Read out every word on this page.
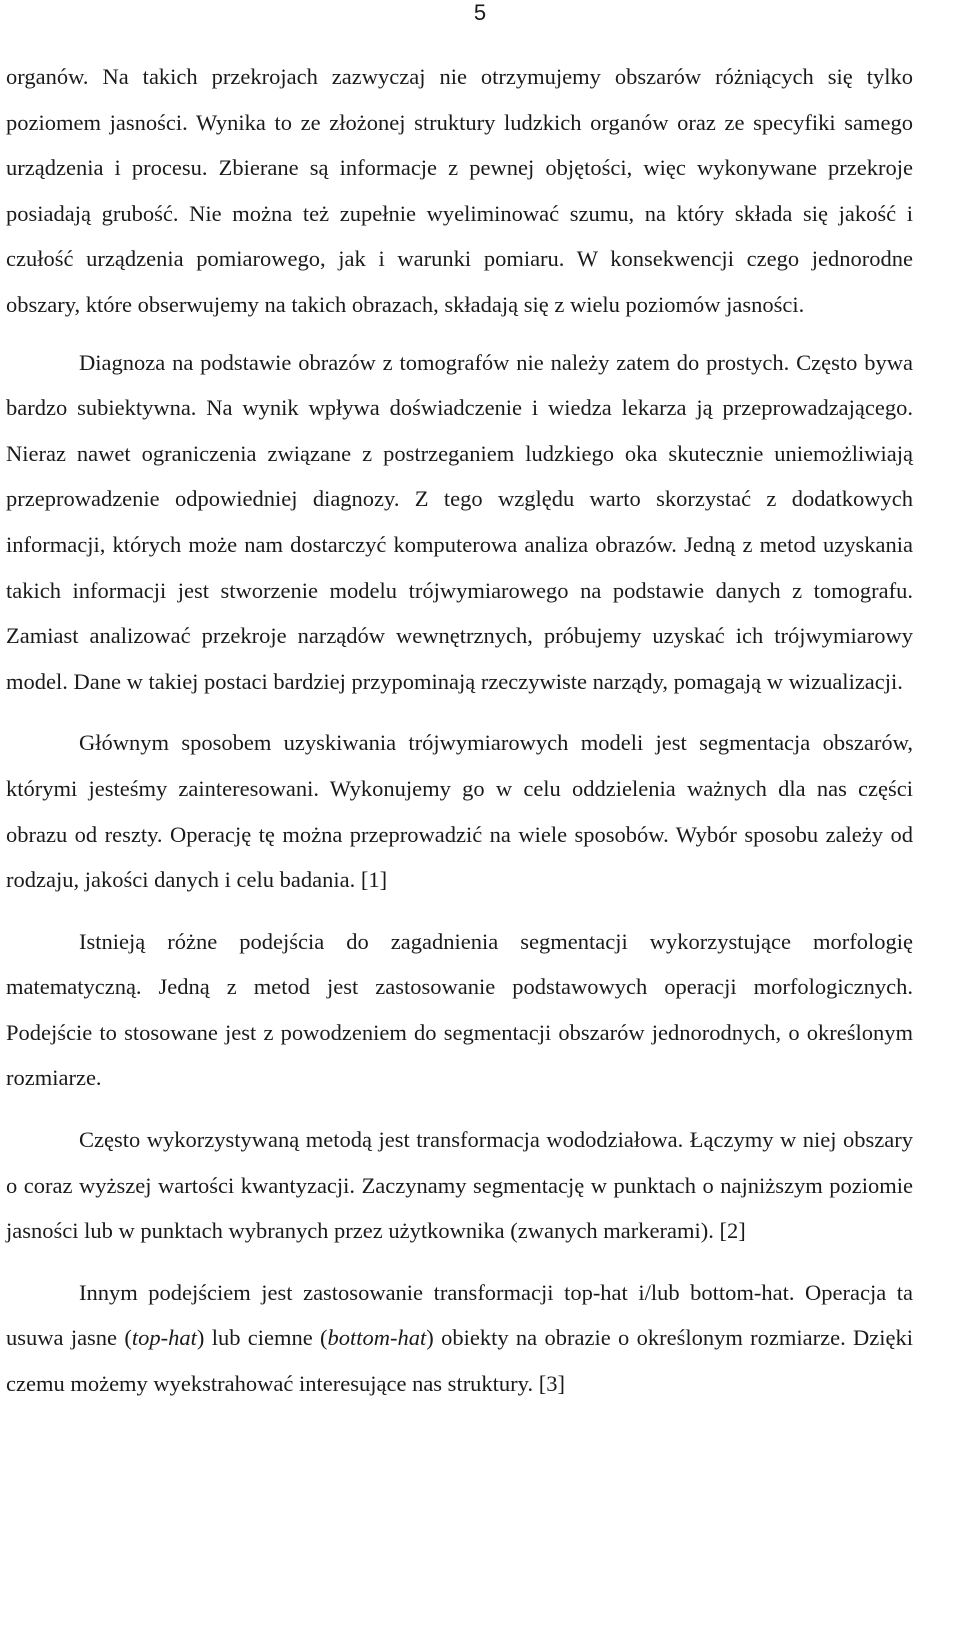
5

organów. Na takich przekrojach zazwyczaj nie otrzymujemy obszarów różniących się tylko poziomem jasności. Wynika to ze złożonej struktury ludzkich organów oraz ze specyfiki samego urządzenia i procesu. Zbierane są informacje z pewnej objętości, więc wykonywane przekroje posiadają grubość. Nie można też zupełnie wyeliminować szumu, na który składa się jakość i czułość urządzenia pomiarowego, jak i warunki pomiaru. W konsekwencji czego jednorodne obszary, które obserwujemy na takich obrazach, składają się z wielu poziomów jasności.

Diagnoza na podstawie obrazów z tomografów nie należy zatem do prostych. Często bywa bardzo subiektywna. Na wynik wpływa doświadczenie i wiedza lekarza ją przeprowadzającego. Nieraz nawet ograniczenia związane z postrzeganiem ludzkiego oka skutecznie uniemożliwiają przeprowadzenie odpowiedniej diagnozy. Z tego względu warto skorzystać z dodatkowych informacji, których może nam dostarczyć komputerowa analiza obrazów. Jedną z metod uzyskania takich informacji jest stworzenie modelu trójwymiarowego na podstawie danych z tomografu. Zamiast analizować przekroje narządów wewnętrznych, próbujemy uzyskać ich trójwymiarowy model. Dane w takiej postaci bardziej przypominają rzeczywiste narządy, pomagają w wizualizacji.

Głównym sposobem uzyskiwania trójwymiarowych modeli jest segmentacja obszarów, którymi jesteśmy zainteresowani. Wykonujemy go w celu oddzielenia ważnych dla nas części obrazu od reszty. Operację tę można przeprowadzić na wiele sposobów. Wybór sposobu zależy od rodzaju, jakości danych i celu badania. [1]

Istnieją różne podejścia do zagadnienia segmentacji wykorzystujące morfologię matematyczną. Jedną z metod jest zastosowanie podstawowych operacji morfologicznych. Podejście to stosowane jest z powodzeniem do segmentacji obszarów jednorodnych, o określonym rozmiarze.

Często wykorzystywaną metodą jest transformacja wododziałowa. Łączymy w niej obszary o coraz wyższej wartości kwantyzacji. Zaczynamy segmentację w punktach o najniższym poziomie jasności lub w punktach wybranych przez użytkownika (zwanych markerami). [2]

Innym podejściem jest zastosowanie transformacji top-hat i/lub bottom-hat. Operacja ta usuwa jasne (top-hat) lub ciemne (bottom-hat) obiekty na obrazie o określonym rozmiarze. Dzięki czemu możemy wyekstrahować interesujące nas struktury. [3]
